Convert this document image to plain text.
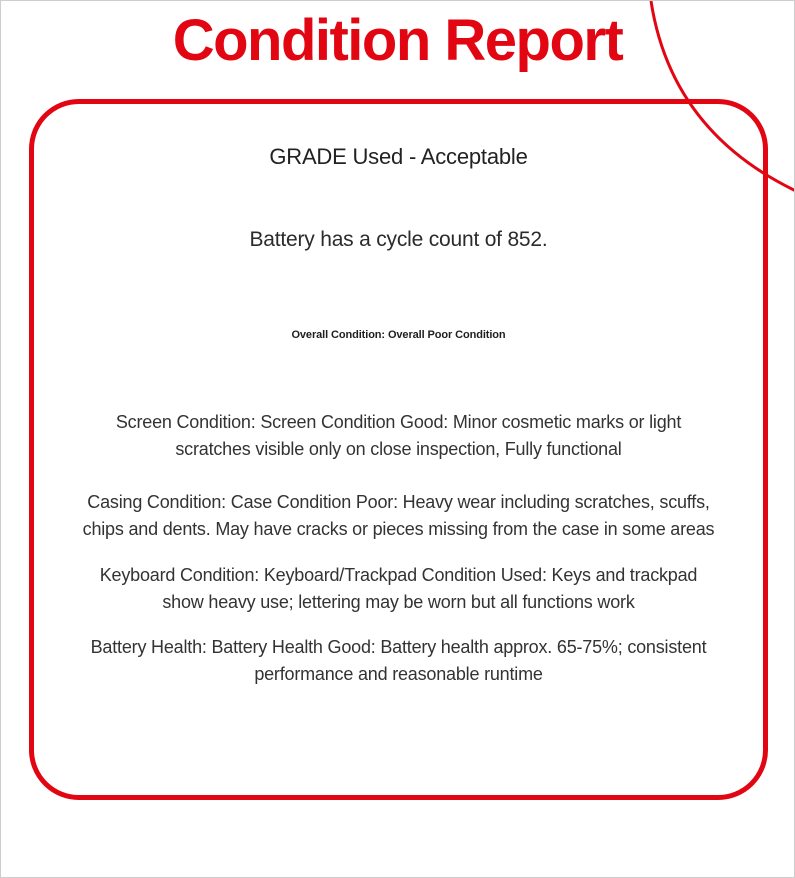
Condition Report

GRADE Used - Acceptable

Battery has a cycle count of 852.

Overall Condition: Overall Poor Condition

Screen Condition: Screen Condition Good: Minor cosmetic marks or light scratches visible only on close inspection, Fully functional

Casing Condition: Case Condition Poor: Heavy wear including scratches, scuffs, chips and dents. May have cracks or pieces missing from the case in some areas

Keyboard Condition: Keyboard/Trackpad Condition Used: Keys and trackpad show heavy use; lettering may be worn but all functions work

Battery Health: Battery Health Good: Battery health approx. 65-75%; consistent performance and reasonable runtime
